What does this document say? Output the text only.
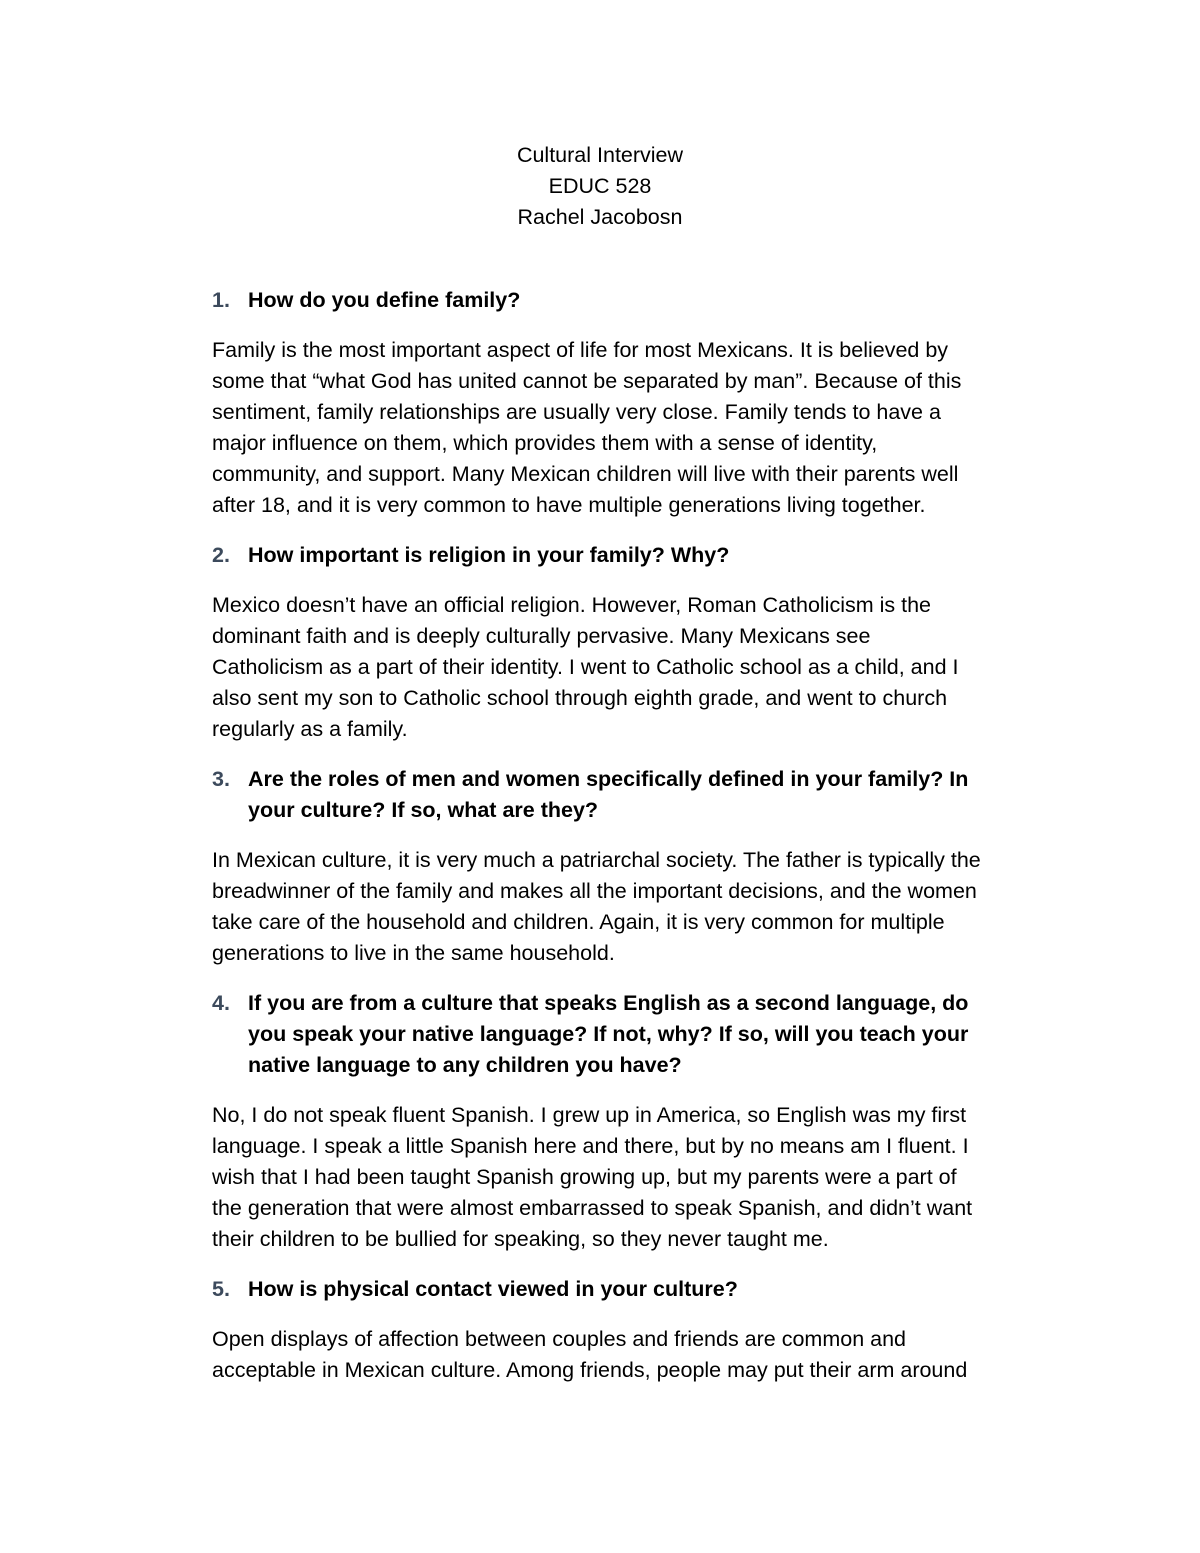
Cultural Interview
EDUC 528
Rachel Jacobosn
1. How do you define family?
Family is the most important aspect of life for most Mexicans. It is believed by
some that “what God has united cannot be separated by man”. Because of this
sentiment, family relationships are usually very close. Family tends to have a
major influence on them, which provides them with a sense of identity,
community, and support. Many Mexican children will live with their parents well
after 18, and it is very common to have multiple generations living together.
2. How important is religion in your family? Why?
Mexico doesn’t have an official religion. However, Roman Catholicism is the
dominant faith and is deeply culturally pervasive. Many Mexicans see
Catholicism as a part of their identity. I went to Catholic school as a child, and I
also sent my son to Catholic school through eighth grade, and went to church
regularly as a family.
3. Are the roles of men and women specifically defined in your family? In
your culture? If so, what are they?
In Mexican culture, it is very much a patriarchal society. The father is typically the
breadwinner of the family and makes all the important decisions, and the women
take care of the household and children. Again, it is very common for multiple
generations to live in the same household.
4. If you are from a culture that speaks English as a second language, do
you speak your native language? If not, why? If so, will you teach your
native language to any children you have?
No, I do not speak fluent Spanish. I grew up in America, so English was my first
language. I speak a little Spanish here and there, but by no means am I fluent. I
wish that I had been taught Spanish growing up, but my parents were a part of
the generation that were almost embarrassed to speak Spanish, and didn’t want
their children to be bullied for speaking, so they never taught me.
5. How is physical contact viewed in your culture?
Open displays of affection between couples and friends are common and
acceptable in Mexican culture. Among friends, people may put their arm around
